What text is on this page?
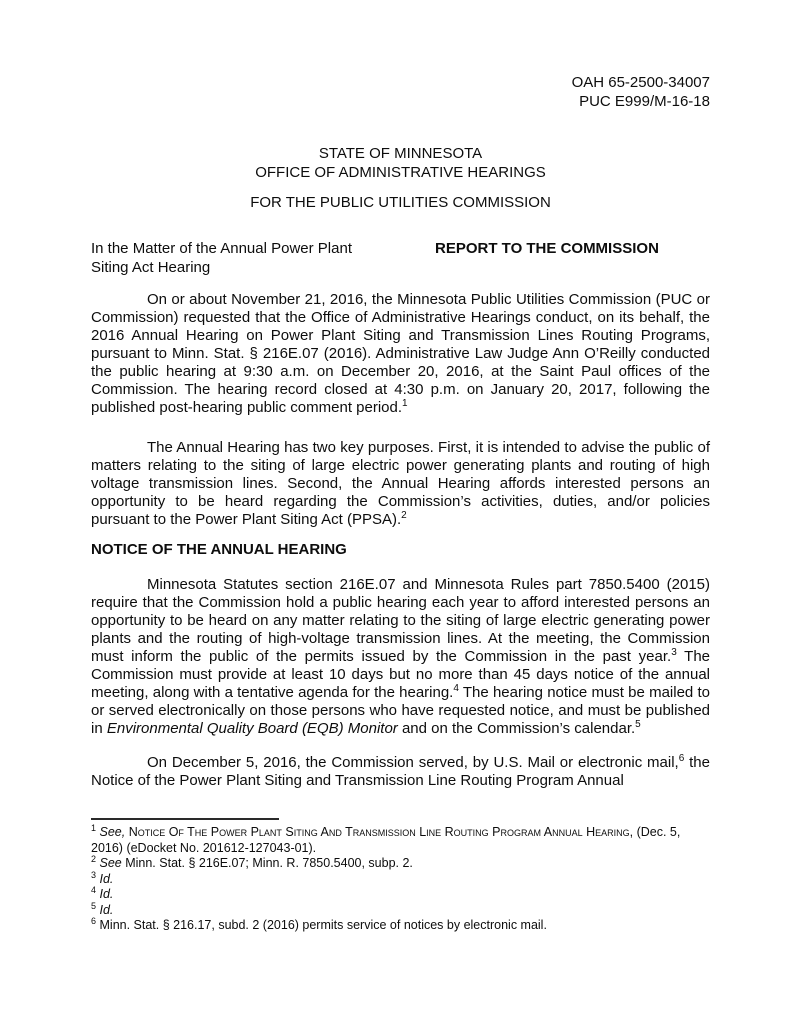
OAH 65-2500-34007
PUC E999/M-16-18
STATE OF MINNESOTA
OFFICE OF ADMINISTRATIVE HEARINGS
FOR THE PUBLIC UTILITIES COMMISSION
In the Matter of the Annual Power Plant
Siting Act Hearing
REPORT TO THE COMMISSION

On or about November 21, 2016, the Minnesota Public Utilities Commission (PUC or Commission) requested that the Office of Administrative Hearings conduct, on its behalf, the 2016 Annual Hearing on Power Plant Siting and Transmission Lines Routing Programs, pursuant to Minn. Stat. § 216E.07 (2016). Administrative Law Judge Ann O’Reilly conducted the public hearing at 9:30 a.m. on December 20, 2016, at the Saint Paul offices of the Commission. The hearing record closed at 4:30 p.m. on January 20, 2017, following the published post-hearing public comment period.$^1$

The Annual Hearing has two key purposes. First, it is intended to advise the public of matters relating to the siting of large electric power generating plants and routing of high voltage transmission lines. Second, the Annual Hearing affords interested persons an opportunity to be heard regarding the Commission’s activities, duties, and/or policies pursuant to the Power Plant Siting Act (PPSA).$^2$

NOTICE OF THE ANNUAL HEARING

Minnesota Statutes section 216E.07 and Minnesota Rules part 7850.5400 (2015) require that the Commission hold a public hearing each year to afford interested persons an opportunity to be heard on any matter relating to the siting of large electric generating power plants and the routing of high-voltage transmission lines. At the meeting, the Commission must inform the public of the permits issued by the Commission in the past year.$^3$ The Commission must provide at least 10 days but no more than 45 days notice of the annual meeting, along with a tentative agenda for the hearing.$^4$ The hearing notice must be mailed to or served electronically on those persons who have requested notice, and must be published in Environmental Quality Board (EQB) Monitor and on the Commission’s calendar.$^5$

On December 5, 2016, the Commission served, by U.S. Mail or electronic mail,$^6$ the Notice of the Power Plant Siting and Transmission Line Routing Program Annual

$^1$ See, Notice Of The Power Plant Siting And Transmission Line Routing Program Annual Hearing, (Dec. 5, 2016) (eDocket No. 201612-127043-01).
$^2$ See Minn. Stat. § 216E.07; Minn. R. 7850.5400, subp. 2.
$^3$ Id.
$^4$ Id.
$^5$ Id.
$^6$ Minn. Stat. § 216.17, subd. 2 (2016) permits service of notices by electronic mail.
